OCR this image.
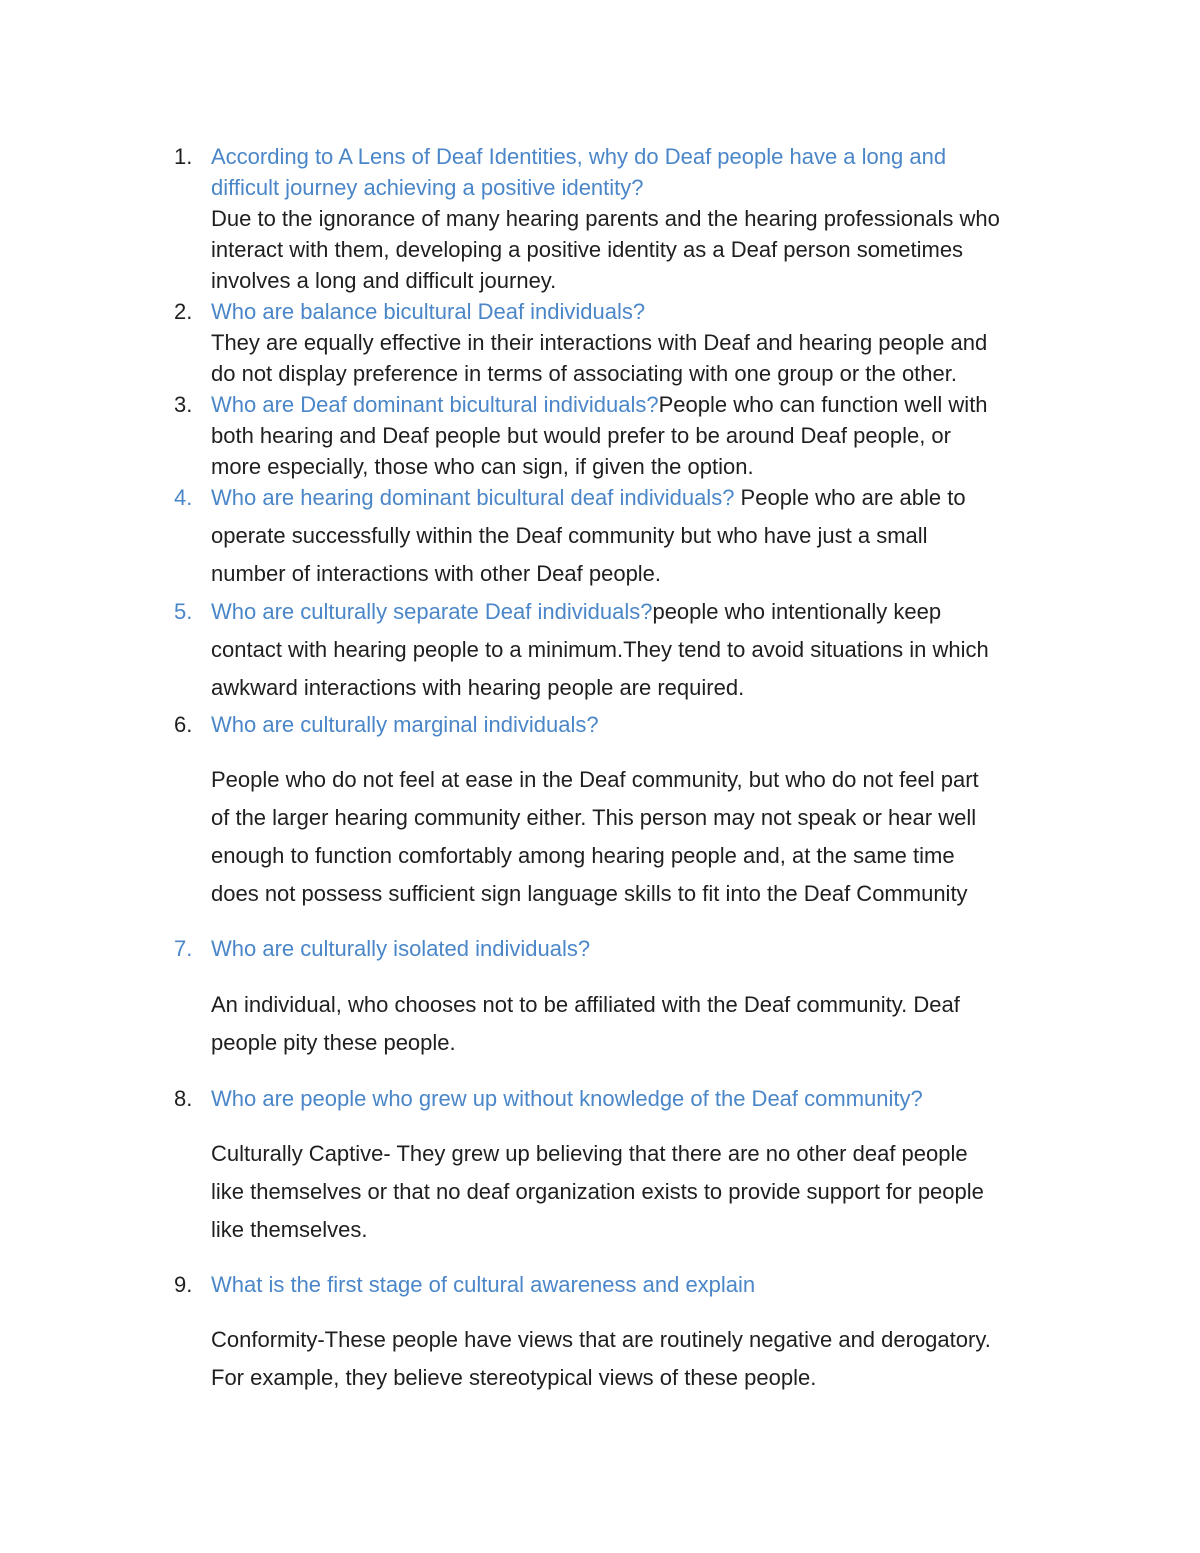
1. According to A Lens of Deaf Identities, why do Deaf people have a long and
difficult journey achieving a positive identity?
Due to the ignorance of many hearing parents and the hearing professionals who
interact with them, developing a positive identity as a Deaf person sometimes
involves a long and difficult journey.
2. Who are balance bicultural Deaf individuals?
They are equally effective in their interactions with Deaf and hearing people and
do not display preference in terms of associating with one group or the other.
3. Who are Deaf dominant bicultural individuals?People who can function well with
both hearing and Deaf people but would prefer to be around Deaf people, or
more especially, those who can sign, if given the option.
4. Who are hearing dominant bicultural deaf individuals? People who are able to
operate successfully within the Deaf community but who have just a small
number of interactions with other Deaf people.
5. Who are culturally separate Deaf individuals?people who intentionally keep
contact with hearing people to a minimum.They tend to avoid situations in which
awkward interactions with hearing people are required.
6. Who are culturally marginal individuals?
People who do not feel at ease in the Deaf community, but who do not feel part
of the larger hearing community either. This person may not speak or hear well
enough to function comfortably among hearing people and, at the same time
does not possess sufficient sign language skills to fit into the Deaf Community
7. Who are culturally isolated individuals?
An individual, who chooses not to be affiliated with the Deaf community. Deaf
people pity these people.
8. Who are people who grew up without knowledge of the Deaf community?
Culturally Captive- They grew up believing that there are no other deaf people
like themselves or that no deaf organization exists to provide support for people
like themselves.
9. What is the first stage of cultural awareness and explain
Conformity-These people have views that are routinely negative and derogatory.
For example, they believe stereotypical views of these people.
